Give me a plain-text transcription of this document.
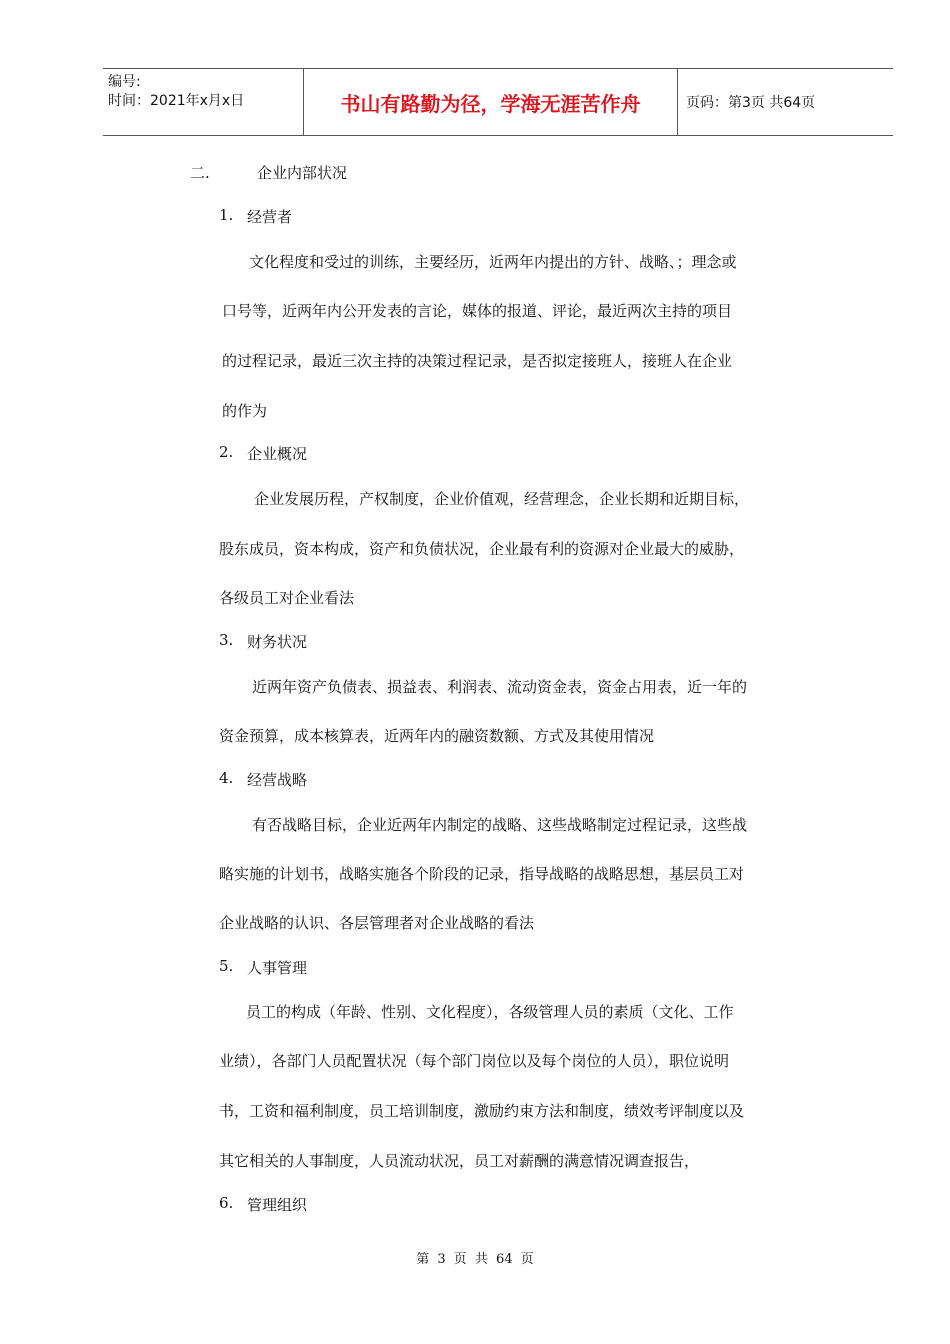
编号:
时间：2021年x月x日	书山有路勤为径，学海无涯苦作舟	页码：第3页 共64页
二.	企业内部状况
1. 经营者
文化程度和受过的训练，主要经历，近两年内提出的方针、战略、；理念或
口号等，近两年内公开发表的言论，媒体的报道、评论，最近两次主持的项目
的过程记录，最近三次主持的决策过程记录，是否拟定接班人，接班人在企业
的作为
2. 企业概况
企业发展历程，产权制度，企业价值观，经营理念，企业长期和近期目标，
股东成员，资本构成，资产和负债状况，企业最有利的资源对企业最大的威胁，
各级员工对企业看法
3. 财务状况
近两年资产负债表、损益表、利润表、流动资金表，资金占用表，近一年的
资金预算，成本核算表，近两年内的融资数额、方式及其使用情况
4. 经营战略
有否战略目标，企业近两年内制定的战略、这些战略制定过程记录，这些战
略实施的计划书，战略实施各个阶段的记录，指导战略的战略思想，基层员工对
企业战略的认识、各层管理者对企业战略的看法
5. 人事管理
员工的构成（年龄、性别、文化程度），各级管理人员的素质（文化、工作
业绩），各部门人员配置状况（每个部门岗位以及每个岗位的人员），职位说明
书，工资和福利制度，员工培训制度，激励约束方法和制度，绩效考评制度以及
其它相关的人事制度，人员流动状况，员工对薪酬的满意情况调查报告，
6. 管理组织
第 3 页 共 64 页
